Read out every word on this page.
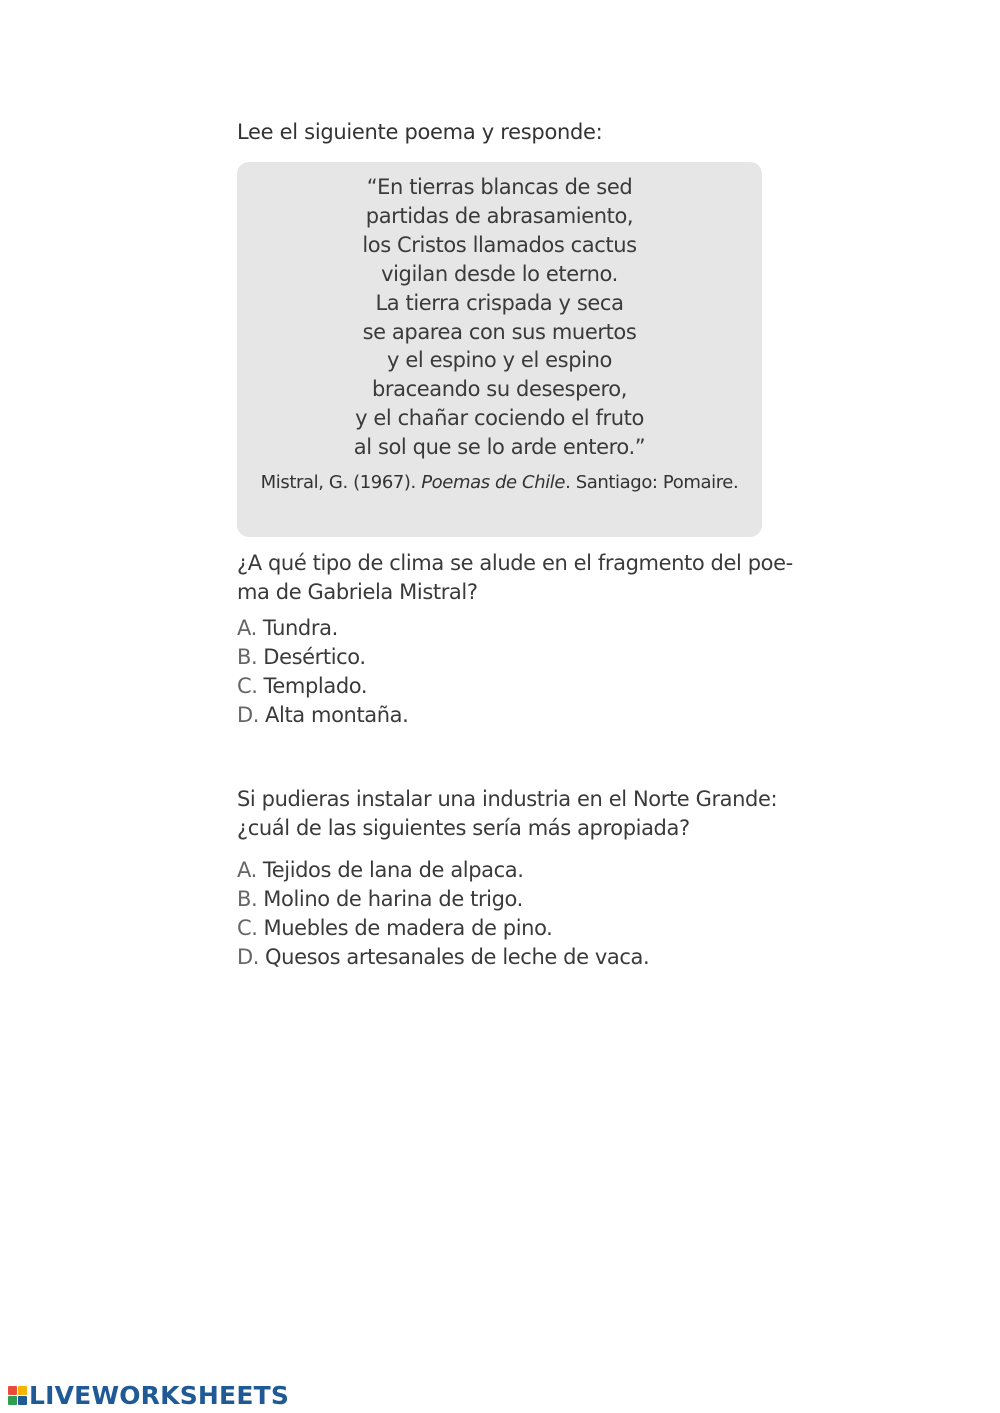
Lee el siguiente poema y responde:
“En tierras blancas de sed
partidas de abrasamiento,
los Cristos llamados cactus
vigilan desde lo eterno.
La tierra crispada y seca
se aparea con sus muertos
y el espino y el espino
braceando su desespero,
y el chañar cociendo el fruto
al sol que se lo arde entero.”
Mistral, G. (1967). Poemas de Chile. Santiago: Pomaire.
¿A qué tipo de clima se alude en el fragmento del poe-
ma de Gabriela Mistral?
A. Tundra.
B. Desértico.
C. Templado.
D. Alta montaña.
Si pudieras instalar una industria en el Norte Grande:
¿cuál de las siguientes sería más apropiada?
A. Tejidos de lana de alpaca.
B. Molino de harina de trigo.
C. Muebles de madera de pino.
D. Quesos artesanales de leche de vaca.
LIVEWORKSHEETS
